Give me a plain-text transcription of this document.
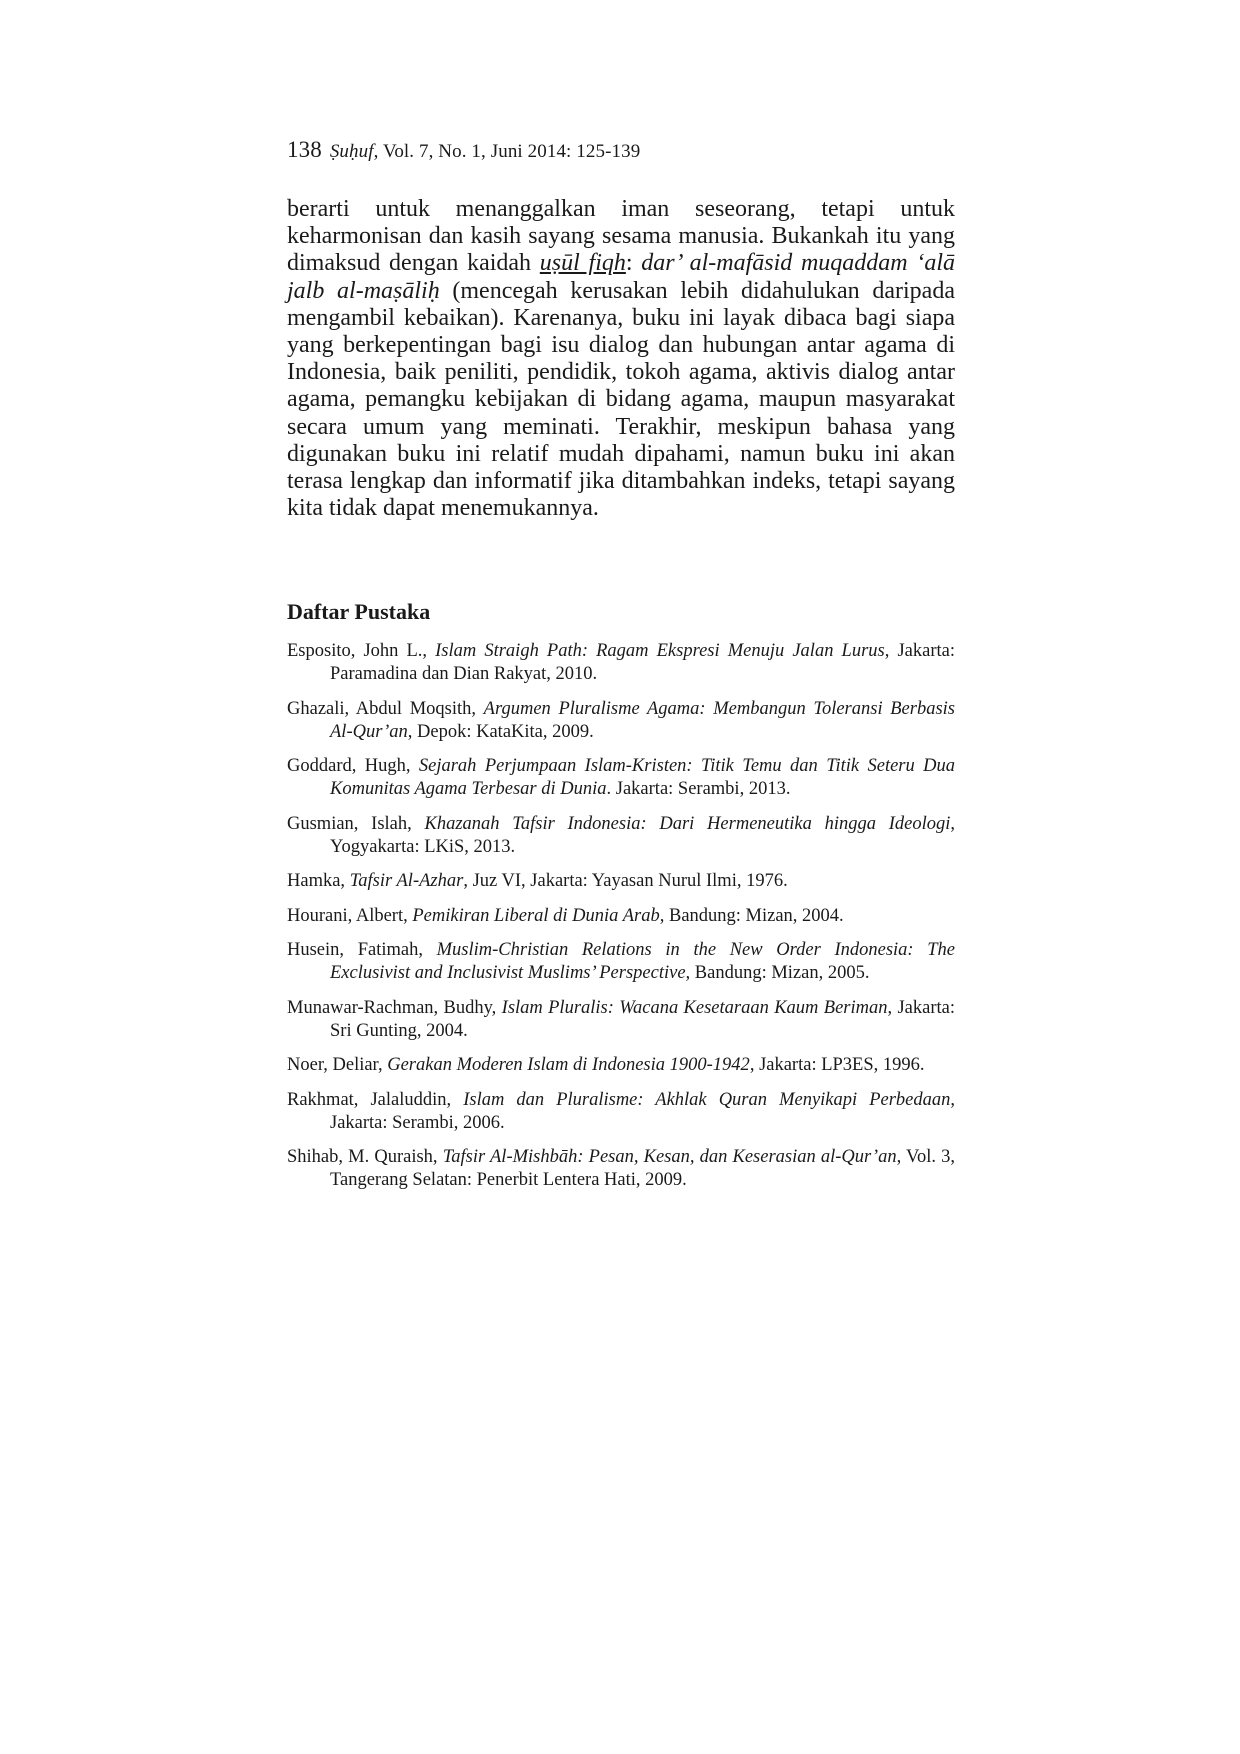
138 Ṣuḥuf, Vol. 7, No. 1, Juni 2014: 125-139

berarti untuk menanggalkan iman seseorang, tetapi untuk keharmonisan dan kasih sayang sesama manusia. Bukankah itu yang dimaksud dengan kaidah uṣūl fiqh: dar’ al-mafāsid muqaddam ‘alā jalb al-maṣāliḥ (mencegah kerusakan lebih didahulukan daripada mengambil kebaikan). Karenanya, buku ini layak dibaca bagi siapa yang berkepentingan bagi isu dialog dan hubungan antar agama di Indonesia, baik peniliti, pendidik, tokoh agama, aktivis dialog antar agama, pemangku kebijakan di bidang agama, maupun masyarakat secara umum yang meminati. Terakhir, meskipun bahasa yang digunakan buku ini relatif mudah dipahami, namun buku ini akan terasa lengkap dan informatif jika ditambahkan indeks, tetapi sayang kita tidak dapat menemukannya.

Daftar Pustaka
Esposito, John L., Islam Straigh Path: Ragam Ekspresi Menuju Jalan Lurus, Jakarta: Paramadina dan Dian Rakyat, 2010.
Ghazali, Abdul Moqsith, Argumen Pluralisme Agama: Membangun Toleransi Berbasis Al-Qur’an, Depok: KataKita, 2009.
Goddard, Hugh, Sejarah Perjumpaan Islam-Kristen: Titik Temu dan Titik Seteru Dua Komunitas Agama Terbesar di Dunia. Jakarta: Serambi, 2013.
Gusmian, Islah, Khazanah Tafsir Indonesia: Dari Hermeneutika hingga Ideologi, Yogyakarta: LKiS, 2013.
Hamka, Tafsir Al-Azhar, Juz VI, Jakarta: Yayasan Nurul Ilmi, 1976.
Hourani, Albert, Pemikiran Liberal di Dunia Arab, Bandung: Mizan, 2004.
Husein, Fatimah, Muslim-Christian Relations in the New Order Indonesia: The Exclusivist and Inclusivist Muslims’ Perspective, Bandung: Mizan, 2005.
Munawar-Rachman, Budhy, Islam Pluralis: Wacana Kesetaraan Kaum Beriman, Jakarta: Sri Gunting, 2004.
Noer, Deliar, Gerakan Moderen Islam di Indonesia 1900-1942, Jakarta: LP3ES, 1996.
Rakhmat, Jalaluddin, Islam dan Pluralisme: Akhlak Quran Menyikapi Perbedaan, Jakarta: Serambi, 2006.
Shihab, M. Quraish, Tafsir Al-Mishbāh: Pesan, Kesan, dan Keserasian al-Qur’an, Vol. 3, Tangerang Selatan: Penerbit Lentera Hati, 2009.
